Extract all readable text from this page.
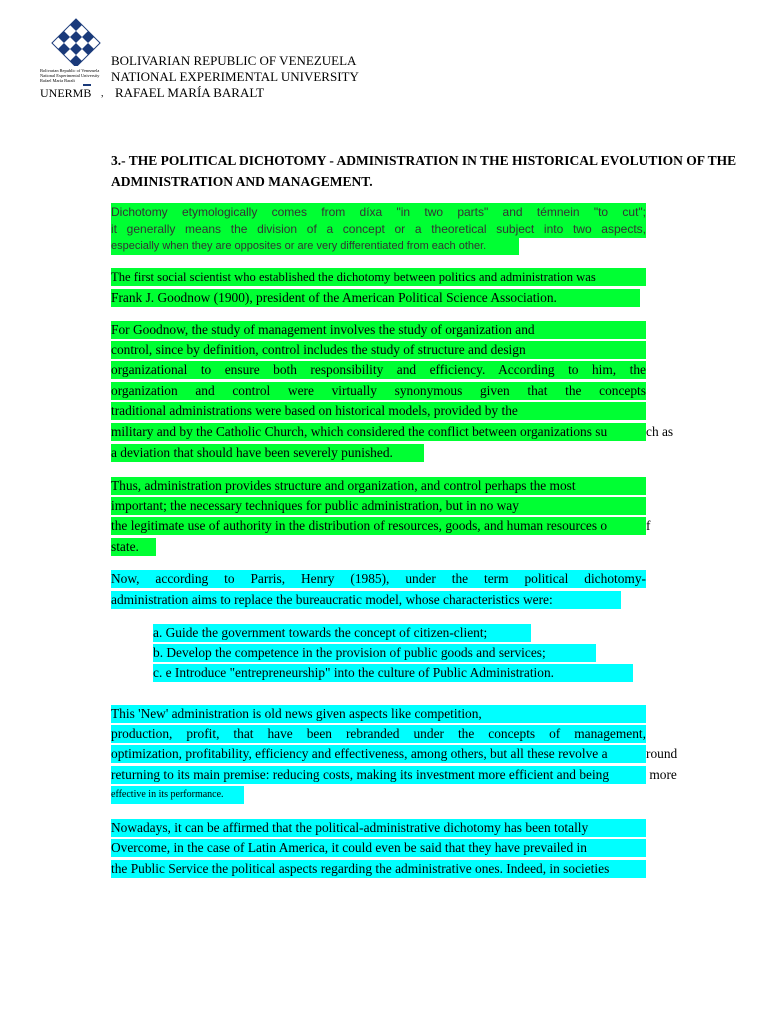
Bolivarian Republic of Venezuela
National Experimental University
Rafael María Baralt
UNERMB ,
BOLIVARIAN REPUBLIC OF VENEZUELA
NATIONAL EXPERIMENTAL UNIVERSITY
RAFAEL MARÍA BARALT
3.- THE POLITICAL DICHOTOMY - ADMINISTRATION IN THE HISTORICAL EVOLUTION OF THE
ADMINISTRATION AND MANAGEMENT.
Dichotomy etymologically comes from díxa "in two parts" and témnein "to cut";
it generally means the division of a concept or a theoretical subject into two aspects,
especially when they are opposites or are very differentiated from each other.
The first social scientist who established the dichotomy between politics and administration was
Frank J. Goodnow (1900), president of the American Political Science Association.
For Goodnow, the study of management involves the study of organization and
control, since by definition, control includes the study of structure and design
organizational to ensure both responsibility and efficiency. According to him, the
organization and control were virtually synonymous given that the concepts
traditional administrations were based on historical models, provided by the
military and by the Catholic Church, which considered the conflict between organizations su	ch as
a deviation that should have been severely punished.
Thus, administration provides structure and organization, and control perhaps the most
important; the necessary techniques for public administration, but in no way
the legitimate use of authority in the distribution of resources, goods, and human resources o	f
state.
Now, according to Parris, Henry (1985), under the term political dichotomy-
administration aims to replace the bureaucratic model, whose characteristics were:
a. Guide the government towards the concept of citizen-client;
b. Develop the competence in the provision of public goods and services;
c. e Introduce "entrepreneurship" into the culture of Public Administration.
This 'New' administration is old news given aspects like competition,
production, profit, that have been rebranded under the concepts of management,
optimization, profitability, efficiency and effectiveness, among others, but all these revolve a	round
returning to its main premise: reducing costs, making its investment more efficient and being	more
effective in its performance.
Nowadays, it can be affirmed that the political-administrative dichotomy has been totally
Overcome, in the case of Latin America, it could even be said that they have prevailed in
the Public Service the political aspects regarding the administrative ones. Indeed, in societies
